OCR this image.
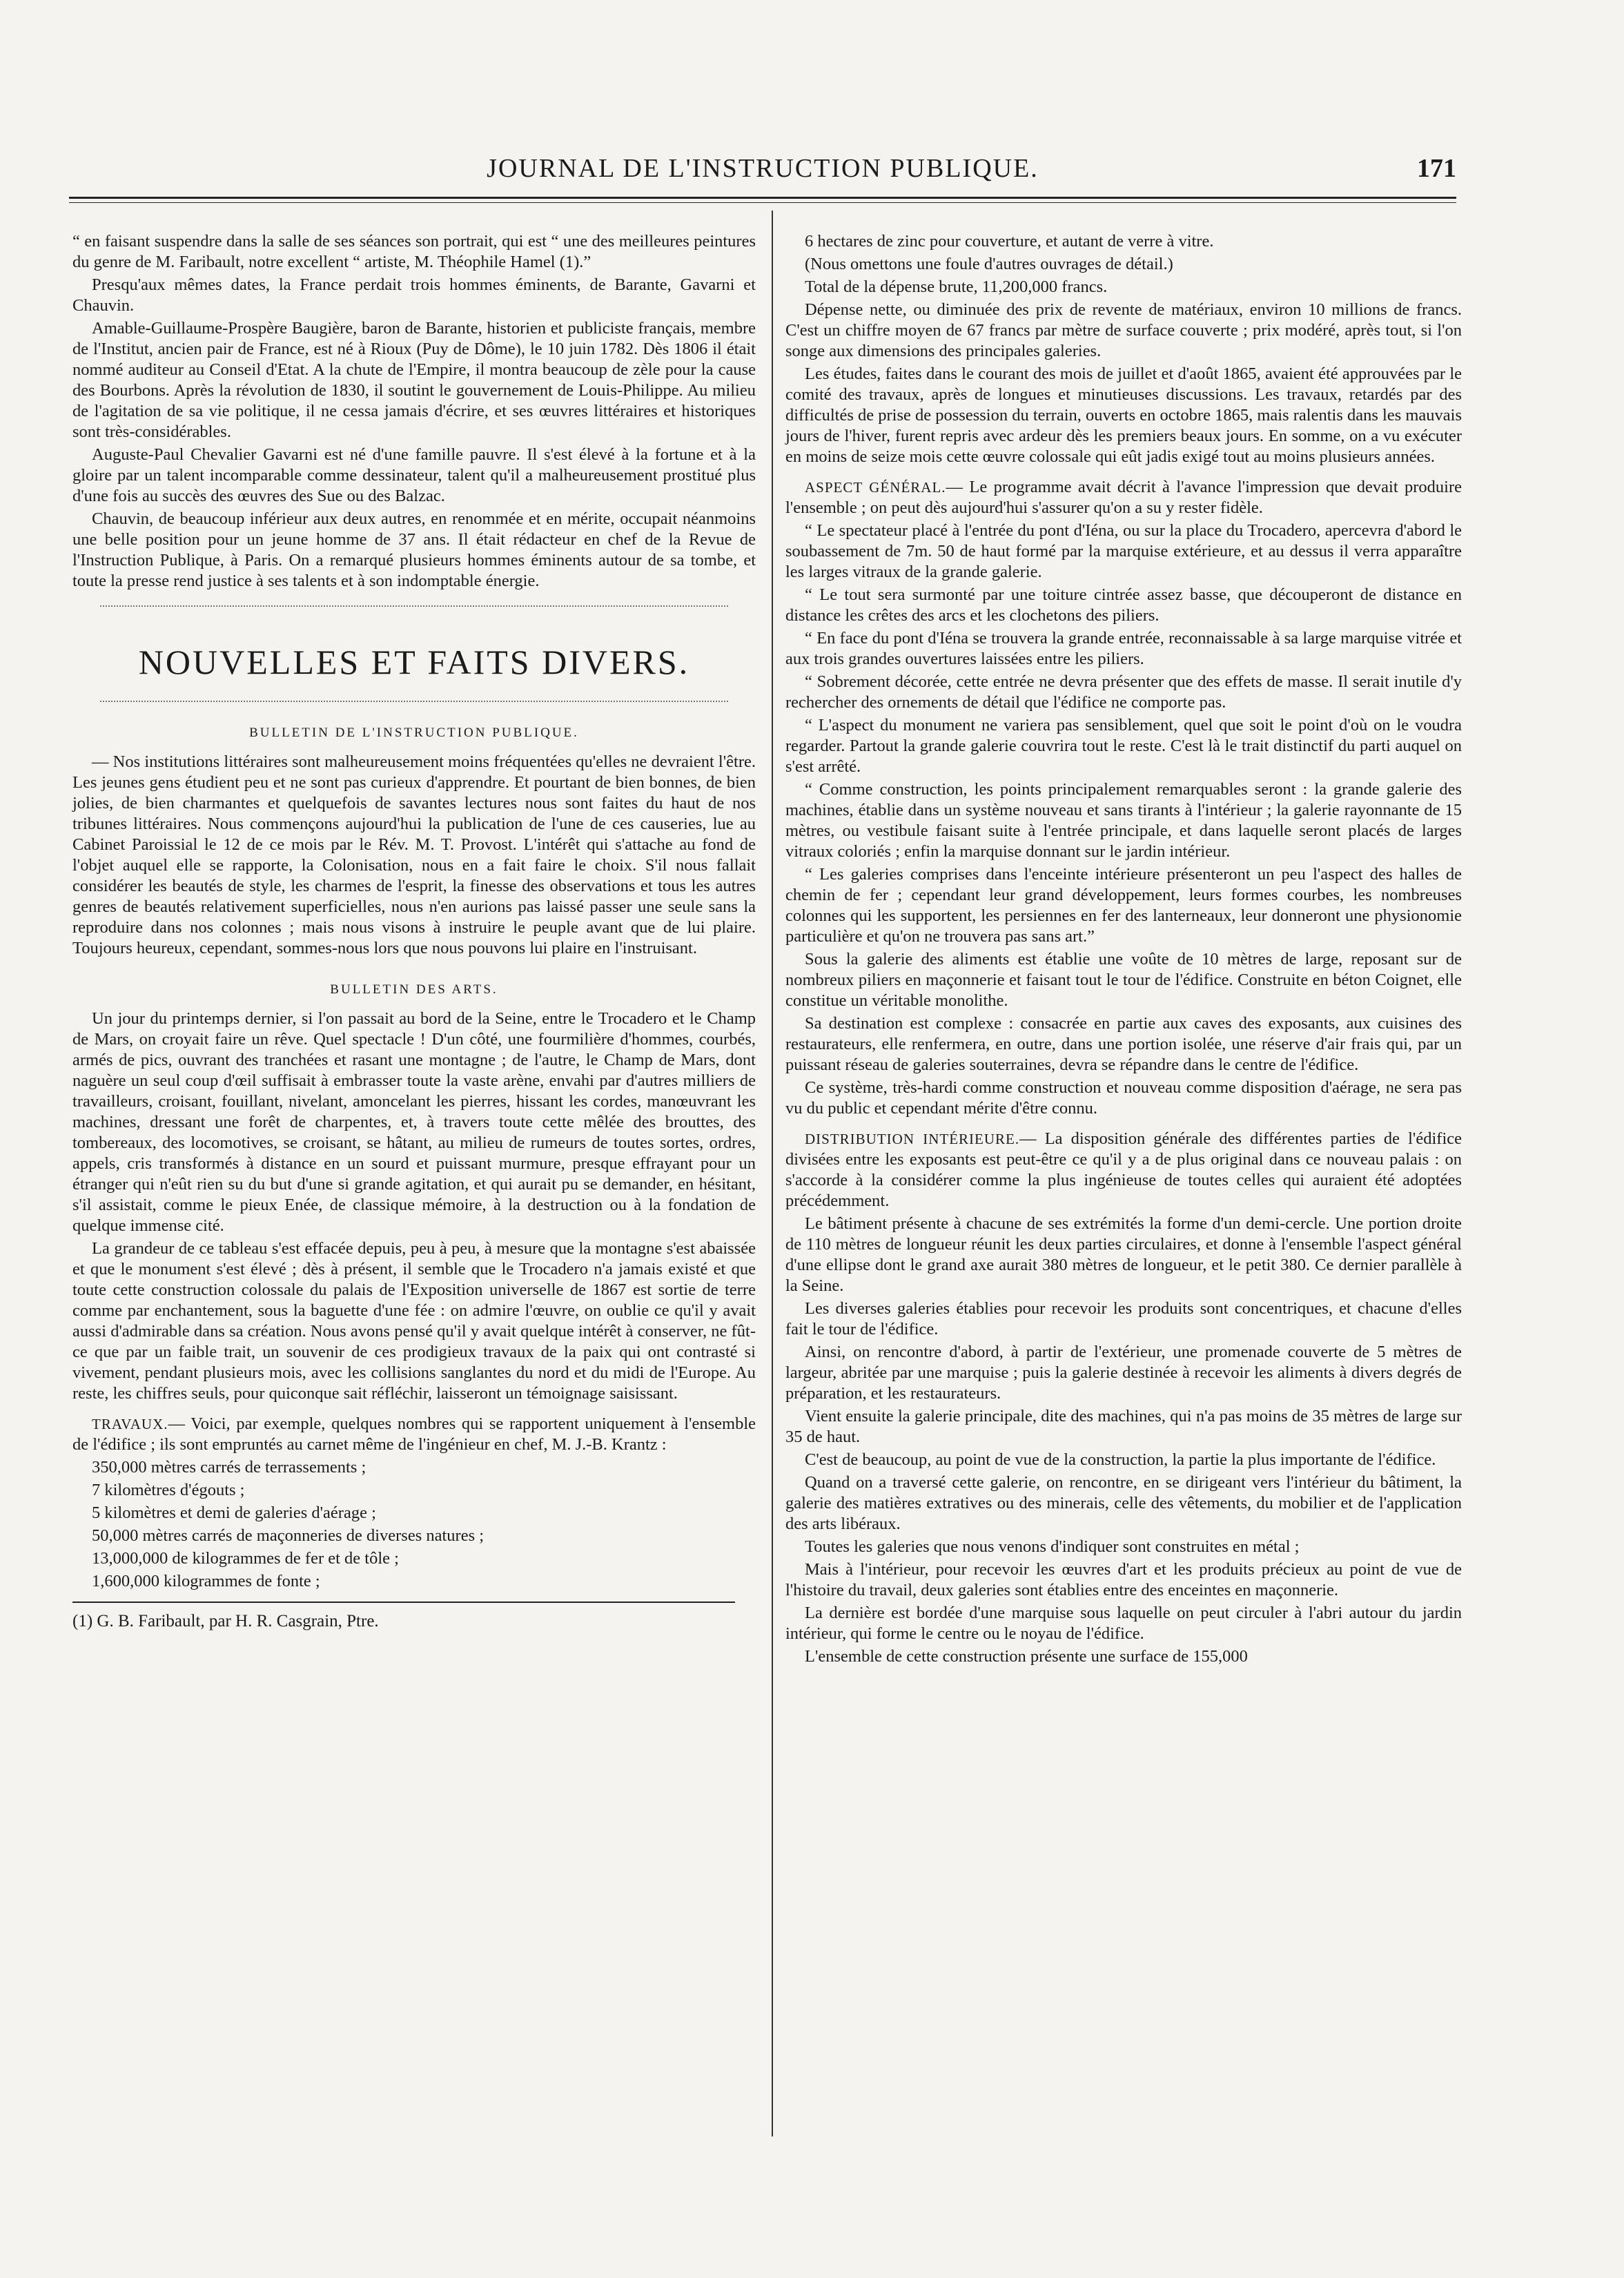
JOURNAL DE L'INSTRUCTION PUBLIQUE.	171

“ en faisant suspendre dans la salle de ses séances son portrait, qui est “ une des meilleures peintures du genre de M. Faribault, notre excellent “ artiste, M. Théophile Hamel (1).”

Presqu'aux mêmes dates, la France perdait trois hommes éminents, de Barante, Gavarni et Chauvin.

Amable-Guillaume-Prospère Baugière, baron de Barante, historien et publiciste français, membre de l'Institut, ancien pair de France, est né à Rioux (Puy de Dôme), le 10 juin 1782. Dès 1806 il était nommé auditeur au Conseil d'Etat. A la chute de l'Empire, il montra beaucoup de zèle pour la cause des Bourbons. Après la révolution de 1830, il soutint le gouvernement de Louis-Philippe. Au milieu de l'agitation de sa vie politique, il ne cessa jamais d'écrire, et ses œuvres littéraires et historiques sont très-considérables.

Auguste-Paul Chevalier Gavarni est né d'une famille pauvre. Il s'est élevé à la fortune et à la gloire par un talent incomparable comme dessinateur, talent qu'il a malheureusement prostitué plus d'une fois au succès des œuvres des Sue ou des Balzac.

Chauvin, de beaucoup inférieur aux deux autres, en renommée et en mérite, occupait néanmoins une belle position pour un jeune homme de 37 ans. Il était rédacteur en chef de la Revue de l'Instruction Publique, à Paris. On a remarqué plusieurs hommes éminents autour de sa tombe, et toute la presse rend justice à ses talents et à son indomptable énergie.

NOUVELLES ET FAITS DIVERS.
BULLETIN DE L'INSTRUCTION PUBLIQUE.

— Nos institutions littéraires sont malheureusement moins fréquentées qu'elles ne devraient l'être. Les jeunes gens étudient peu et ne sont pas curieux d'apprendre. Et pourtant de bien bonnes, de bien jolies, de bien charmantes et quelquefois de savantes lectures nous sont faites du haut de nos tribunes littéraires. Nous commençons aujourd'hui la publication de l'une de ces causeries, lue au Cabinet Paroissial le 12 de ce mois par le Rév. M. T. Provost. L'intérêt qui s'attache au fond de l'objet auquel elle se rapporte, la Colonisation, nous en a fait faire le choix. S'il nous fallait considérer les beautés de style, les charmes de l'esprit, la finesse des observations et tous les autres genres de beautés relativement superficielles, nous n'en aurions pas laissé passer une seule sans la reproduire dans nos colonnes ; mais nous visons à instruire le peuple avant que de lui plaire. Toujours heureux, cependant, sommes-nous lors que nous pouvons lui plaire en l'instruisant.

BULLETIN DES ARTS.

Un jour du printemps dernier, si l'on passait au bord de la Seine, entre le Trocadero et le Champ de Mars, on croyait faire un rêve. Quel spectacle ! D'un côté, une fourmilière d'hommes, courbés, armés de pics, ouvrant des tranchées et rasant une montagne ; de l'autre, le Champ de Mars, dont naguère un seul coup d'œil suffisait à embrasser toute la vaste arène, envahi par d'autres milliers de travailleurs, croisant, fouillant, nivelant, amoncelant les pierres, hissant les cordes, manœuvrant les machines, dressant une forêt de charpentes, et, à travers toute cette mêlée des brouttes, des tombereaux, des locomotives, se croisant, se hâtant, au milieu de rumeurs de toutes sortes, ordres, appels, cris transformés à distance en un sourd et puissant murmure, presque effrayant pour un étranger qui n'eût rien su du but d'une si grande agitation, et qui aurait pu se demander, en hésitant, s'il assistait, comme le pieux Enée, de classique mémoire, à la destruction ou à la fondation de quelque immense cité.

La grandeur de ce tableau s'est effacée depuis, peu à peu, à mesure que la montagne s'est abaissée et que le monument s'est élevé ; dès à présent, il semble que le Trocadero n'a jamais existé et que toute cette construction colossale du palais de l'Exposition universelle de 1867 est sortie de terre comme par enchantement, sous la baguette d'une fée : on admire l'œuvre, on oublie ce qu'il y avait aussi d'admirable dans sa création. Nous avons pensé qu'il y avait quelque intérêt à conserver, ne fût-ce que par un faible trait, un souvenir de ces prodigieux travaux de la paix qui ont contrasté si vivement, pendant plusieurs mois, avec les collisions sanglantes du nord et du midi de l'Europe. Au reste, les chiffres seuls, pour quiconque sait réfléchir, laisseront un témoignage saisissant.

TRAVAUX.— Voici, par exemple, quelques nombres qui se rapportent uniquement à l'ensemble de l'édifice ; ils sont empruntés au carnet même de l'ingénieur en chef, M. J.-B. Krantz :

350,000 mètres carrés de terrassements ;

7 kilomètres d'égouts ;

5 kilomètres et demi de galeries d'aérage ;

50,000 mètres carrés de maçonneries de diverses natures ;

13,000,000 de kilogrammes de fer et de tôle ;

1,600,000 kilogrammes de fonte ;

(1) G. B. Faribault, par H. R. Casgrain, Ptre.

6 hectares de zinc pour couverture, et autant de verre à vitre.

(Nous omettons une foule d'autres ouvrages de détail.)

Total de la dépense brute, 11,200,000 francs.

Dépense nette, ou diminuée des prix de revente de matériaux, environ 10 millions de francs. C'est un chiffre moyen de 67 francs par mètre de surface couverte ; prix modéré, après tout, si l'on songe aux dimensions des principales galeries.

Les études, faites dans le courant des mois de juillet et d'août 1865, avaient été approuvées par le comité des travaux, après de longues et minutieuses discussions. Les travaux, retardés par des difficultés de prise de possession du terrain, ouverts en octobre 1865, mais ralentis dans les mauvais jours de l'hiver, furent repris avec ardeur dès les premiers beaux jours. En somme, on a vu exécuter en moins de seize mois cette œuvre colossale qui eût jadis exigé tout au moins plusieurs années.

ASPECT GÉNÉRAL.— Le programme avait décrit à l'avance l'impression que devait produire l'ensemble ; on peut dès aujourd'hui s'assurer qu'on a su y rester fidèle.

“ Le spectateur placé à l'entrée du pont d'Iéna, ou sur la place du Trocadero, apercevra d'abord le soubassement de 7m. 50 de haut formé par la marquise extérieure, et au dessus il verra apparaître les larges vitraux de la grande galerie.

“ Le tout sera surmonté par une toiture cintrée assez basse, que découperont de distance en distance les crêtes des arcs et les clochetons des piliers.

“ En face du pont d'Iéna se trouvera la grande entrée, reconnaissable à sa large marquise vitrée et aux trois grandes ouvertures laissées entre les piliers.

“ Sobrement décorée, cette entrée ne devra présenter que des effets de masse. Il serait inutile d'y rechercher des ornements de détail que l'édifice ne comporte pas.

“ L'aspect du monument ne variera pas sensiblement, quel que soit le point d'où on le voudra regarder. Partout la grande galerie couvrira tout le reste. C'est là le trait distinctif du parti auquel on s'est arrêté.

“ Comme construction, les points principalement remarquables seront : la grande galerie des machines, établie dans un système nouveau et sans tirants à l'intérieur ; la galerie rayonnante de 15 mètres, ou vestibule faisant suite à l'entrée principale, et dans laquelle seront placés de larges vitraux coloriés ; enfin la marquise donnant sur le jardin intérieur.

“ Les galeries comprises dans l'enceinte intérieure présenteront un peu l'aspect des halles de chemin de fer ; cependant leur grand développement, leurs formes courbes, les nombreuses colonnes qui les supportent, les persiennes en fer des lanterneaux, leur donneront une physionomie particulière et qu'on ne trouvera pas sans art.”

Sous la galerie des aliments est établie une voûte de 10 mètres de large, reposant sur de nombreux piliers en maçonnerie et faisant tout le tour de l'édifice. Construite en béton Coignet, elle constitue un véritable monolithe.

Sa destination est complexe : consacrée en partie aux caves des exposants, aux cuisines des restaurateurs, elle renfermera, en outre, dans une portion isolée, une réserve d'air frais qui, par un puissant réseau de galeries souterraines, devra se répandre dans le centre de l'édifice.

Ce système, très-hardi comme construction et nouveau comme disposition d'aérage, ne sera pas vu du public et cependant mérite d'être connu.

DISTRIBUTION INTÉRIEURE.— La disposition générale des différentes parties de l'édifice divisées entre les exposants est peut-être ce qu'il y a de plus original dans ce nouveau palais : on s'accorde à la considérer comme la plus ingénieuse de toutes celles qui auraient été adoptées précédemment.

Le bâtiment présente à chacune de ses extrémités la forme d'un demi-cercle. Une portion droite de 110 mètres de longueur réunit les deux parties circulaires, et donne à l'ensemble l'aspect général d'une ellipse dont le grand axe aurait 380 mètres de longueur, et le petit 380. Ce dernier parallèle à la Seine.

Les diverses galeries établies pour recevoir les produits sont concentriques, et chacune d'elles fait le tour de l'édifice.

Ainsi, on rencontre d'abord, à partir de l'extérieur, une promenade couverte de 5 mètres de largeur, abritée par une marquise ; puis la galerie destinée à recevoir les aliments à divers degrés de préparation, et les restaurateurs.

Vient ensuite la galerie principale, dite des machines, qui n'a pas moins de 35 mètres de large sur 35 de haut.

C'est de beaucoup, au point de vue de la construction, la partie la plus importante de l'édifice.

Quand on a traversé cette galerie, on rencontre, en se dirigeant vers l'intérieur du bâtiment, la galerie des matières extratives ou des minerais, celle des vêtements, du mobilier et de l'application des arts libéraux.

Toutes les galeries que nous venons d'indiquer sont construites en métal ;

Mais à l'intérieur, pour recevoir les œuvres d'art et les produits précieux au point de vue de l'histoire du travail, deux galeries sont établies entre des enceintes en maçonnerie.

La dernière est bordée d'une marquise sous laquelle on peut circuler à l'abri autour du jardin intérieur, qui forme le centre ou le noyau de l'édifice.

L'ensemble de cette construction présente une surface de 155,000
